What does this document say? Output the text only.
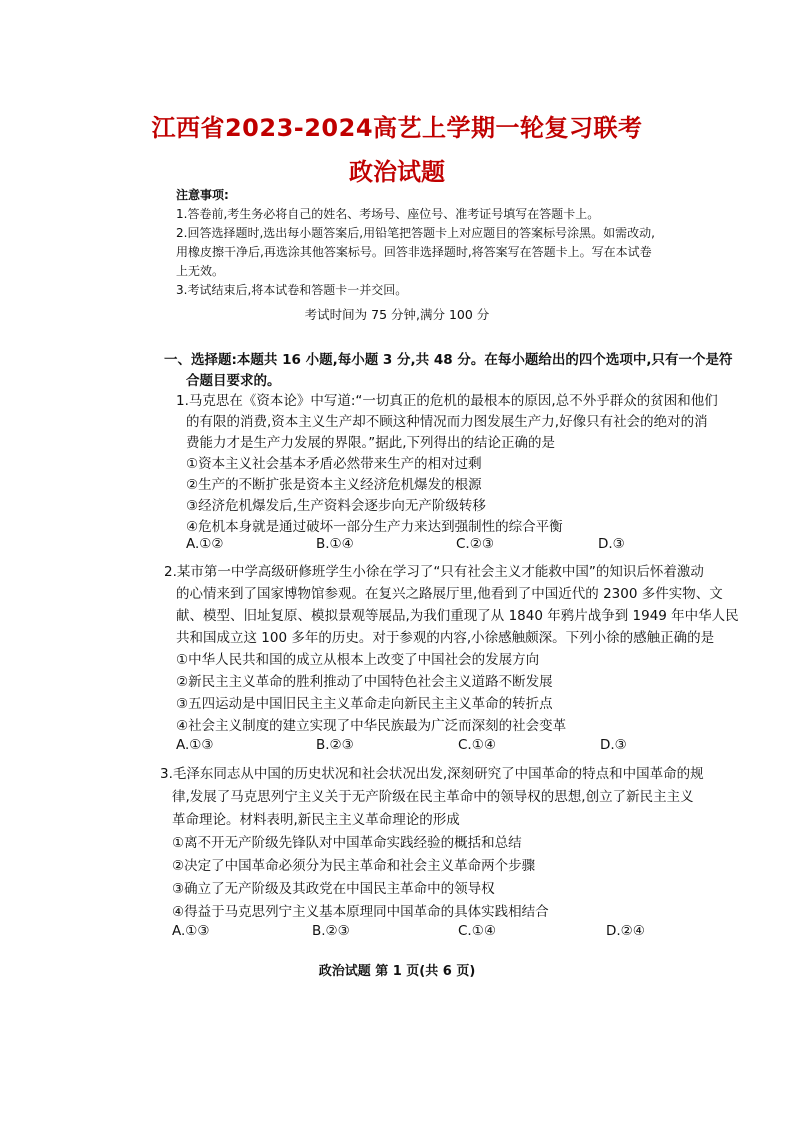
江西省2023-2024高艺上学期一轮复习联考
政治试题
注意事项:
1.答卷前,考生务必将自己的姓名、考场号、座位号、准考证号填写在答题卡上。
2.回答选择题时,选出每小题答案后,用铅笔把答题卡上对应题目的答案标号涂黑。如需改动,
用橡皮擦干净后,再选涂其他答案标号。回答非选择题时,将答案写在答题卡上。写在本试卷
上无效。
3.考试结束后,将本试卷和答题卡一并交回。
考试时间为 75 分钟,满分 100 分
一、选择题:本题共 16 小题,每小题 3 分,共 48 分。在每小题给出的四个选项中,只有一个是符
合题目要求的。
1.马克思在《资本论》中写道:“一切真正的危机的最根本的原因,总不外乎群众的贫困和他们
的有限的消费,资本主义生产却不顾这种情况而力图发展生产力,好像只有社会的绝对的消
费能力才是生产力发展的界限。”据此,下列得出的结论正确的是
①资本主义社会基本矛盾必然带来生产的相对过剩
②生产的不断扩张是资本主义经济危机爆发的根源
③经济危机爆发后,生产资料会逐步向无产阶级转移
④危机本身就是通过破坏一部分生产力来达到强制性的综合平衡
A.①②	B.①④	C.②③	D.③
2.某市第一中学高级研修班学生小徐在学习了“只有社会主义才能救中国”的知识后怀着激动
的心情来到了国家博物馆参观。在复兴之路展厅里,他看到了中国近代的 2300 多件实物、文
献、模型、旧址复原、模拟景观等展品,为我们重现了从 1840 年鸦片战争到 1949 年中华人民
共和国成立这 100 多年的历史。对于参观的内容,小徐感触颇深。下列小徐的感触正确的是
①中华人民共和国的成立从根本上改变了中国社会的发展方向
②新民主主义革命的胜利推动了中国特色社会主义道路不断发展
③五四运动是中国旧民主主义革命走向新民主主义革命的转折点
④社会主义制度的建立实现了中华民族最为广泛而深刻的社会变革
A.①③	B.②③	C.①④	D.③
3.毛泽东同志从中国的历史状况和社会状况出发,深刻研究了中国革命的特点和中国革命的规
律,发展了马克思列宁主义关于无产阶级在民主革命中的领导权的思想,创立了新民主主义
革命理论。材料表明,新民主主义革命理论的形成
①离不开无产阶级先锋队对中国革命实践经验的概括和总结
②决定了中国革命必须分为民主革命和社会主义革命两个步骤
③确立了无产阶级及其政党在中国民主革命中的领导权
④得益于马克思列宁主义基本原理同中国革命的具体实践相结合
A.①③	B.②③	C.①④	D.②④
政治试题 第 1 页(共 6 页)
